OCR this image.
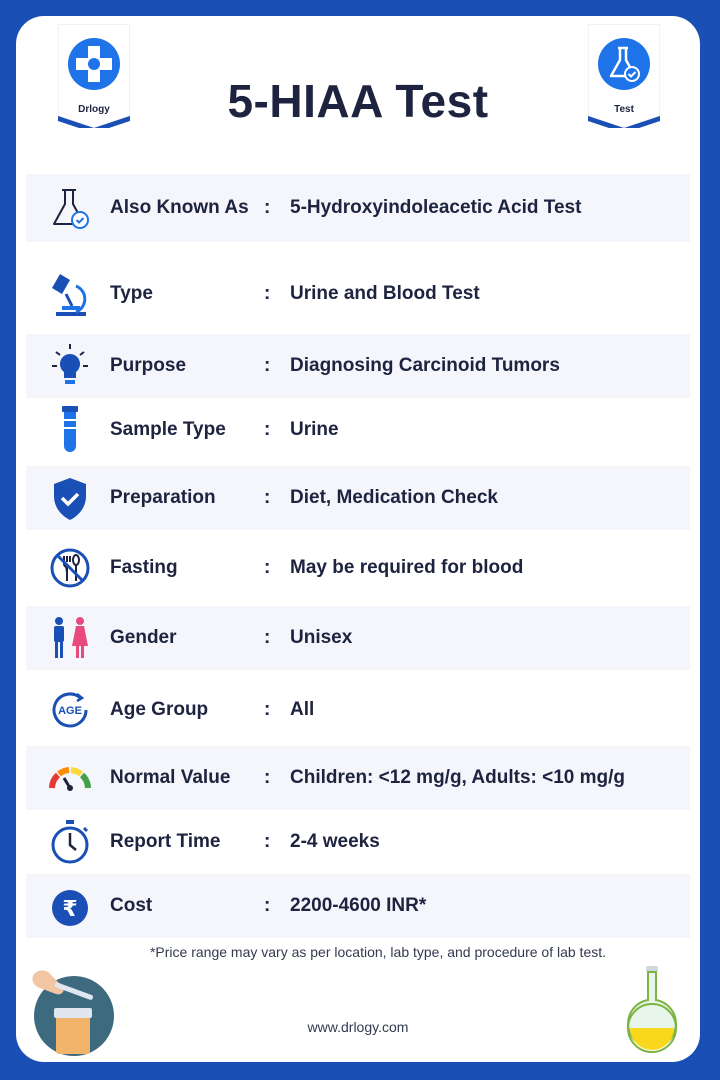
Drlogy	5-HIAA Test	Test
Also Known As : 5-Hydroxyindoleacetic Acid Test
Type	: Urine and Blood Test
Purpose	: Diagnosing Carcinoid Tumors
Sample Type : Urine
Preparation	: Diet, Medication Check
Fasting	: May be required for blood
Gender	: Unisex
AGE Age Group	: All
Normal Value : Children: <12 mg/g, Adults: <10 mg/g
Report Time : 2-4 weeks
₹ Cost	: 2200-4600 INR*
*Price range may vary as per location, lab type, and procedure of lab test.
www.drlogy.com
